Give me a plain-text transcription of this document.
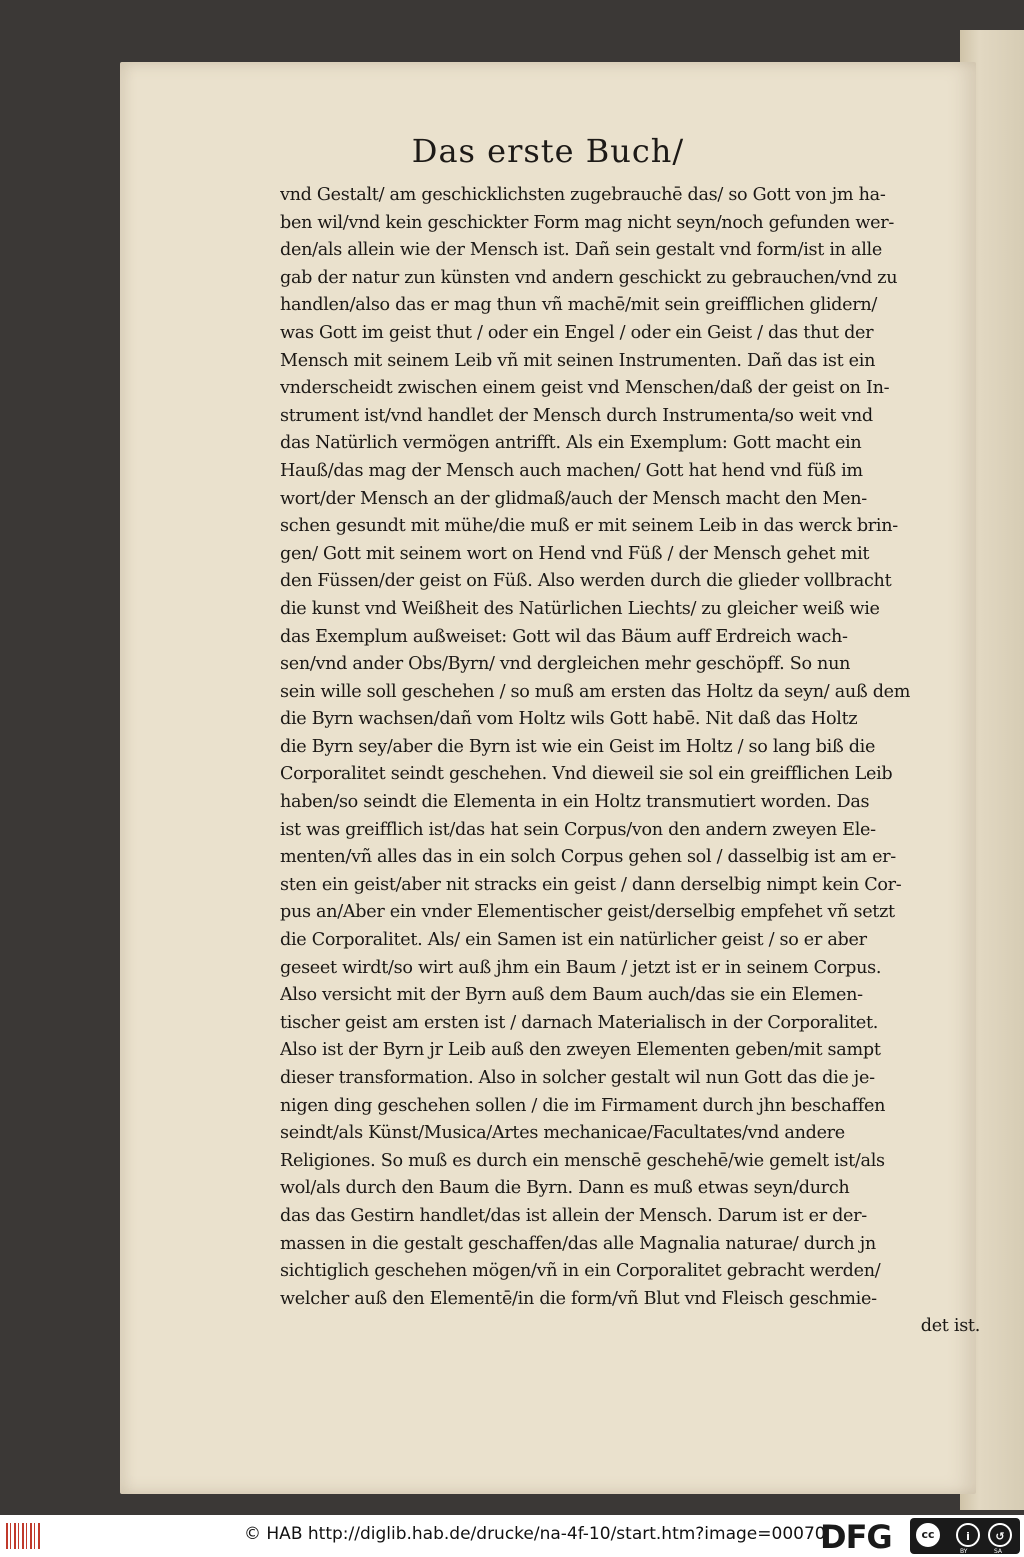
Das erste Buch/
vnd Gestalt/ am geschicklichsten zugebrauchē das/ so Gott von jm ha-
ben wil/vnd kein geschickter Form mag nicht seyn/noch gefunden wer-
den/als allein wie der Mensch ist. Dañ sein gestalt vnd form/ist in alle
gab der natur zun künsten vnd andern geschickt zu gebrauchen/vnd zu
handlen/also das er mag thun vñ machē/mit sein greifflichen glidern/
was Gott im geist thut / oder ein Engel / oder ein Geist / das thut der
Mensch mit seinem Leib vñ mit seinen Instrumenten. Dañ das ist ein
vnderscheidt zwischen einem geist vnd Menschen/daß der geist on In-
strument ist/vnd handlet der Mensch durch Instrumenta/so weit vnd
das Natürlich vermögen antrifft. Als ein Exemplum: Gott macht ein
Hauß/das mag der Mensch auch machen/ Gott hat hend vnd füß im
wort/der Mensch an der glidmaß/auch der Mensch macht den Men-
schen gesundt mit mühe/die muß er mit seinem Leib in das werck brin-
gen/ Gott mit seinem wort on Hend vnd Füß / der Mensch gehet mit
den Füssen/der geist on Füß. Also werden durch die glieder vollbracht
die kunst vnd Weißheit des Natürlichen Liechts/ zu gleicher weiß wie
das Exemplum außweiset: Gott wil das Bäum auff Erdreich wach-
sen/vnd ander Obs/Byrn/ vnd dergleichen mehr geschöpff. So nun
sein wille soll geschehen / so muß am ersten das Holtz da seyn/ auß dem
die Byrn wachsen/dañ vom Holtz wils Gott habē. Nit daß das Holtz
die Byrn sey/aber die Byrn ist wie ein Geist im Holtz / so lang biß die
Corporalitet seindt geschehen. Vnd dieweil sie sol ein greifflichen Leib
haben/so seindt die Elementa in ein Holtz transmutiert worden. Das
ist was greifflich ist/das hat sein Corpus/von den andern zweyen Ele-
menten/vñ alles das in ein solch Corpus gehen sol / dasselbig ist am er-
sten ein geist/aber nit stracks ein geist / dann derselbig nimpt kein Cor-
pus an/Aber ein vnder Elementischer geist/derselbig empfehet vñ setzt
die Corporalitet. Als/ ein Samen ist ein natürlicher geist / so er aber
geseet wirdt/so wirt auß jhm ein Baum / jetzt ist er in seinem Corpus.
Also versicht mit der Byrn auß dem Baum auch/das sie ein Elemen-
tischer geist am ersten ist / darnach Materialisch in der Corporalitet.
Also ist der Byrn jr Leib auß den zweyen Elementen geben/mit sampt
dieser transformation. Also in solcher gestalt wil nun Gott das die je-
nigen ding geschehen sollen / die im Firmament durch jhn beschaffen
seindt/als Künst/Musica/Artes mechanicae/Facultates/vnd andere
Religiones. So muß es durch ein menschē geschehē/wie gemelt ist/als
wol/als durch den Baum die Byrn. Dann es muß etwas seyn/durch
das das Gestirn handlet/das ist allein der Mensch. Darum ist er der-
massen in die gestalt geschaffen/das alle Magnalia naturae/ durch jn
sichtiglich geschehen mögen/vñ in ein Corporalitet gebracht werden/
welcher auß den Elementē/in die form/vñ Blut vnd Fleisch geschmie-
det ist.
© HAB http://diglib.hab.de/drucke/na-4f-10/start.htm?image=00070
DFG	cc	i	↺
BY	SA
